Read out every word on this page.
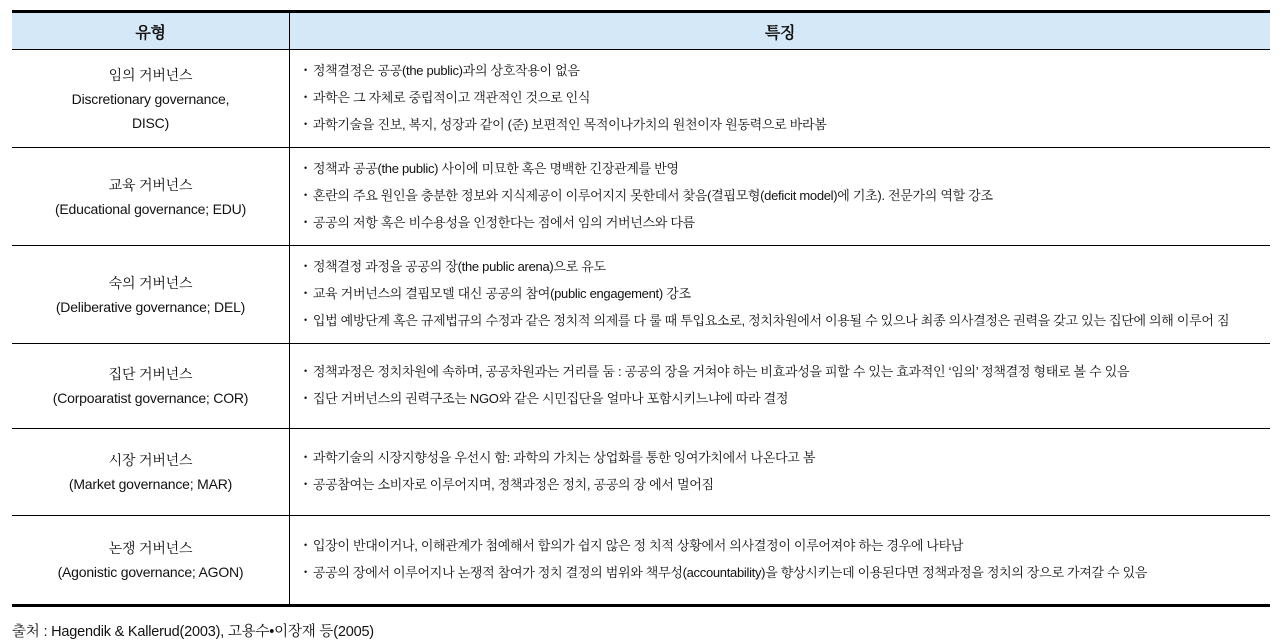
유형	특징
임의 거버넌스
Discretionary governance,
DISC)
• 정책결정은 공공(the public)과의 상호작용이 없음
• 과학은 그 자체로 중립적이고 객관적인 것으로 인식
• 과학기술을 진보, 복지, 성장과 같이 (준) 보편적인 목적이나가치의 원천이자 원동력으로 바라봄
교육 거버넌스
(Educational governance; EDU)
• 정책과 공공(the public) 사이에 미묘한 혹은 명백한 긴장관계를 반영
• 혼란의 주요 원인을 충분한 정보와 지식제공이 이루어지지 못한데서 찾음(결핍모형(deficit model)에 기초). 전문가의 역할 강조
• 공공의 저항 혹은 비수용성을 인정한다는 점에서 임의 거버넌스와 다름
숙의 거버넌스
(Deliberative governance; DEL)
• 정책결정 과정을 공공의 장(the public arena)으로 유도
• 교육 거버넌스의 결핍모델 대신 공공의 참여(public engagement) 강조
• 입법 예방단계 혹은 규제법규의 수정과 같은 정치적 의제를 다 룰 때 투입요소로, 정치차원에서 이용될 수 있으나 최종 의사결정은 권력을 갖고 있는 집단에 의해 이루어 짐
집단 거버넌스
(Corpoaratist governance; COR)
• 정책과정은 정치차원에 속하며, 공공차원과는 거리를 둠 : 공공의 장을 거쳐야 하는 비효과성을 피할 수 있는 효과적인 ‘임의’ 정책결정 형태로 볼 수 있음
• 집단 거버넌스의 권력구조는 NGO와 같은 시민집단을 얼마나 포함시키느냐에 따라 결정
시장 거버넌스
(Market governance; MAR)
• 과학기술의 시장지향성을 우선시 함: 과학의 가치는 상업화를 통한 잉여가치에서 나온다고 봄
• 공공참여는 소비자로 이루어지며, 정책과정은 정치, 공공의 장 에서 멀어짐
논쟁 거버넌스
(Agonistic governance; AGON)
• 입장이 반대이거나, 이해관계가 첨예해서 합의가 쉽지 않은 정 치적 상황에서 의사결정이 이루어져야 하는 경우에 나타남
• 공공의 장에서 이루어지나 논쟁적 참여가 정치 결정의 범위와 책무성(accountability)을 향상시키는데 이용된다면 정책과정을 정치의 장으로 가져갈 수 있음
출처 : Hagendik & Kallerud(2003), 고용수•이장재 등(2005)
